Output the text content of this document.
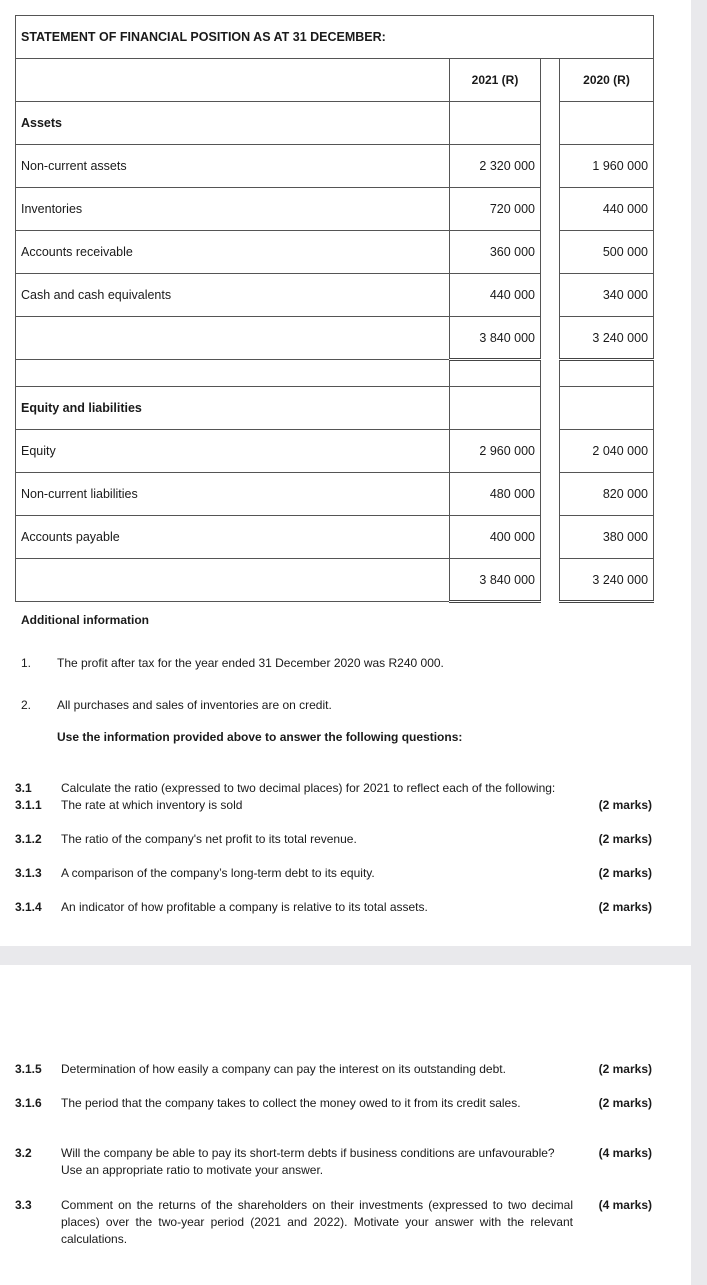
STATEMENT OF FINANCIAL POSITION AS AT 31 DECEMBER:			
	2021 (R)		2020 (R)
Assets			
Non-current assets	2 320 000		1 960 000
Inventories	720 000		440 000
Accounts receivable	360 000		500 000
Cash and cash equivalents	440 000		340 000
	3 840 000		3 240 000

Equity and liabilities			
Equity	2 960 000		2 040 000
Non-current liabilities	480 000		820 000
Accounts payable	400 000		380 000
	3 840 000		3 240 000
Additional information
1. The profit after tax for the year ended 31 December 2020 was R240 000.
2. All purchases and sales of inventories are on credit.
Use the information provided above to answer the following questions:
3.1 Calculate the ratio (expressed to two decimal places) for 2021 to reflect each of the following:
3.1.1 The rate at which inventory is sold	(2 marks)
3.1.2 The ratio of the company's net profit to its total revenue.	(2 marks)
3.1.3 A comparison of the company’s long-term debt to its equity.	(2 marks)
3.1.4 An indicator of how profitable a company is relative to its total assets.	(2 marks)
3.1.5 Determination of how easily a company can pay the interest on its outstanding debt.	(2 marks)
3.1.6 The period that the company takes to collect the money owed to it from its credit sales.	(2 marks)
3.2 Will the company be able to pay its short-term debts if business conditions are unfavourable? Use an appropriate ratio to motivate your answer.
(4 marks)
3.3 Comment on the returns of the shareholders on their investments (expressed to two decimal places) over the two-year period (2021 and 2022). Motivate your answer with the relevant calculations.
(4 marks)
